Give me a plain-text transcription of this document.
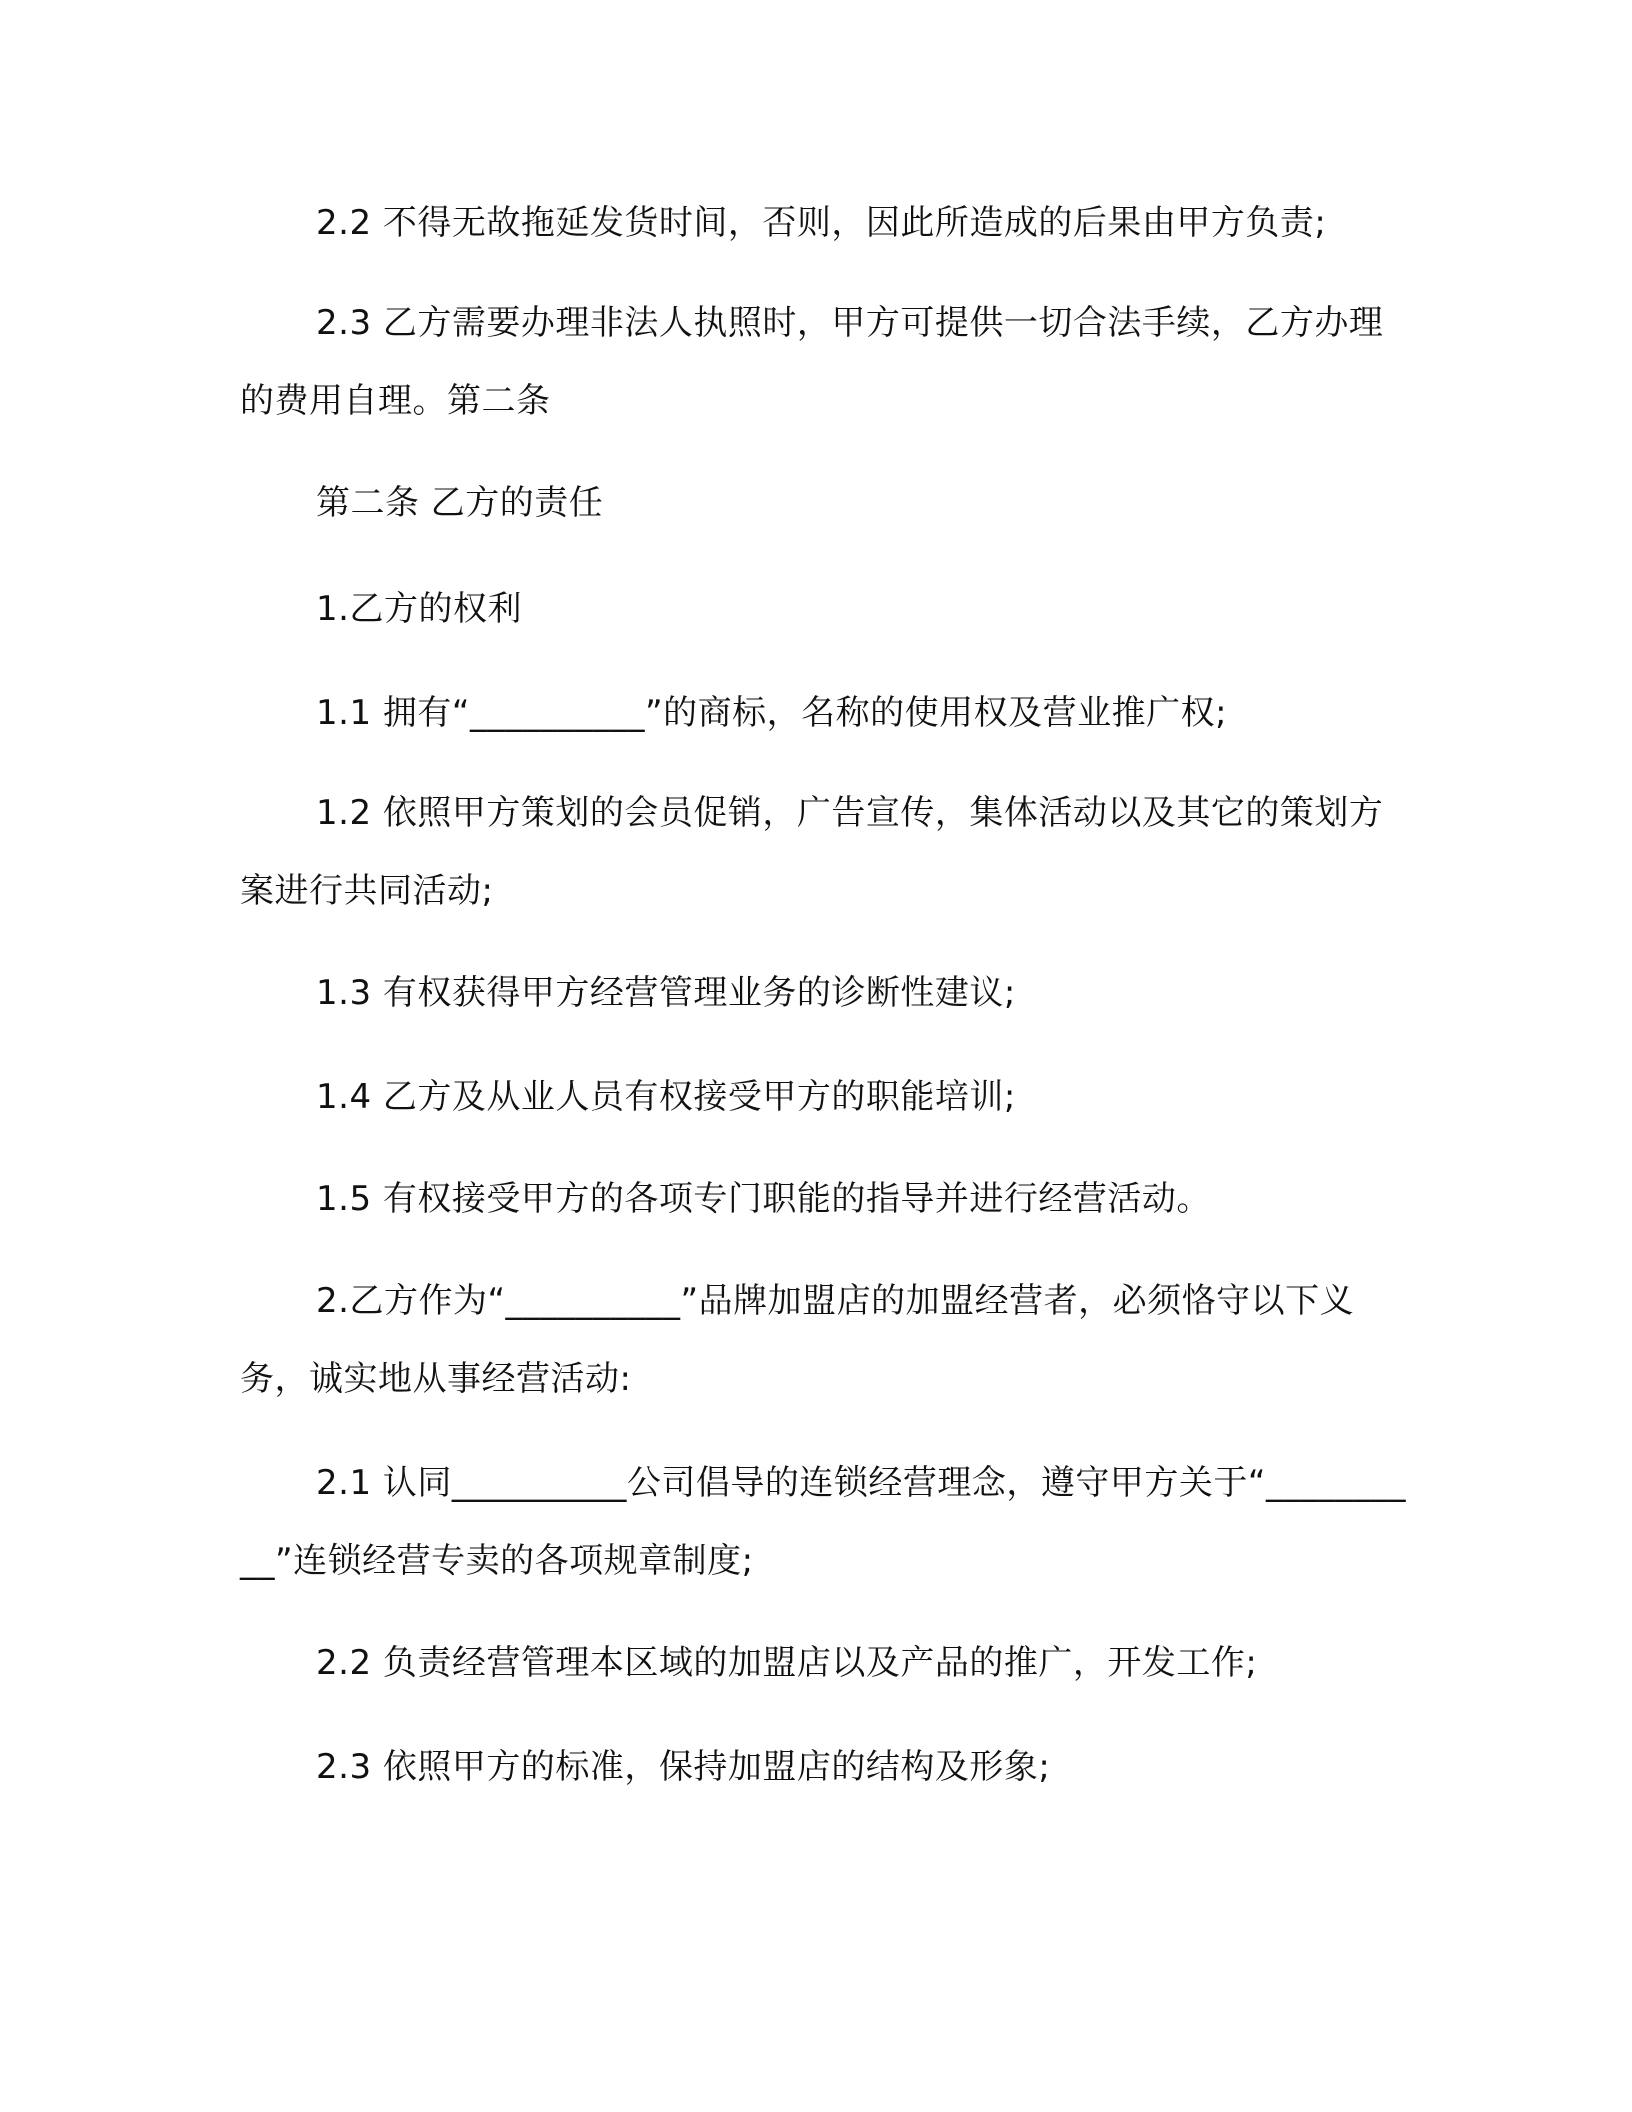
2.2 不得无故拖延发货时间，否则，因此所造成的后果由甲方负责;

2.3 乙方需要办理非法人执照时，甲方可提供一切合法手续，乙方办理的费用自理。第二条

第二条 乙方的责任

1.乙方的权利

1.1 拥有“__________”的商标，名称的使用权及营业推广权;

1.2 依照甲方策划的会员促销，广告宣传，集体活动以及其它的策划方案进行共同活动;

1.3 有权获得甲方经营管理业务的诊断性建议;

1.4 乙方及从业人员有权接受甲方的职能培训;

1.5 有权接受甲方的各项专门职能的指导并进行经营活动。

2.乙方作为“__________”品牌加盟店的加盟经营者，必须恪守以下义务，诚实地从事经营活动:

2.1 认同__________公司倡导的连锁经营理念，遵守甲方关于“__________”连锁经营专卖的各项规章制度;

2.2 负责经营管理本区域的加盟店以及产品的推广，开发工作;

2.3 依照甲方的标准，保持加盟店的结构及形象;
